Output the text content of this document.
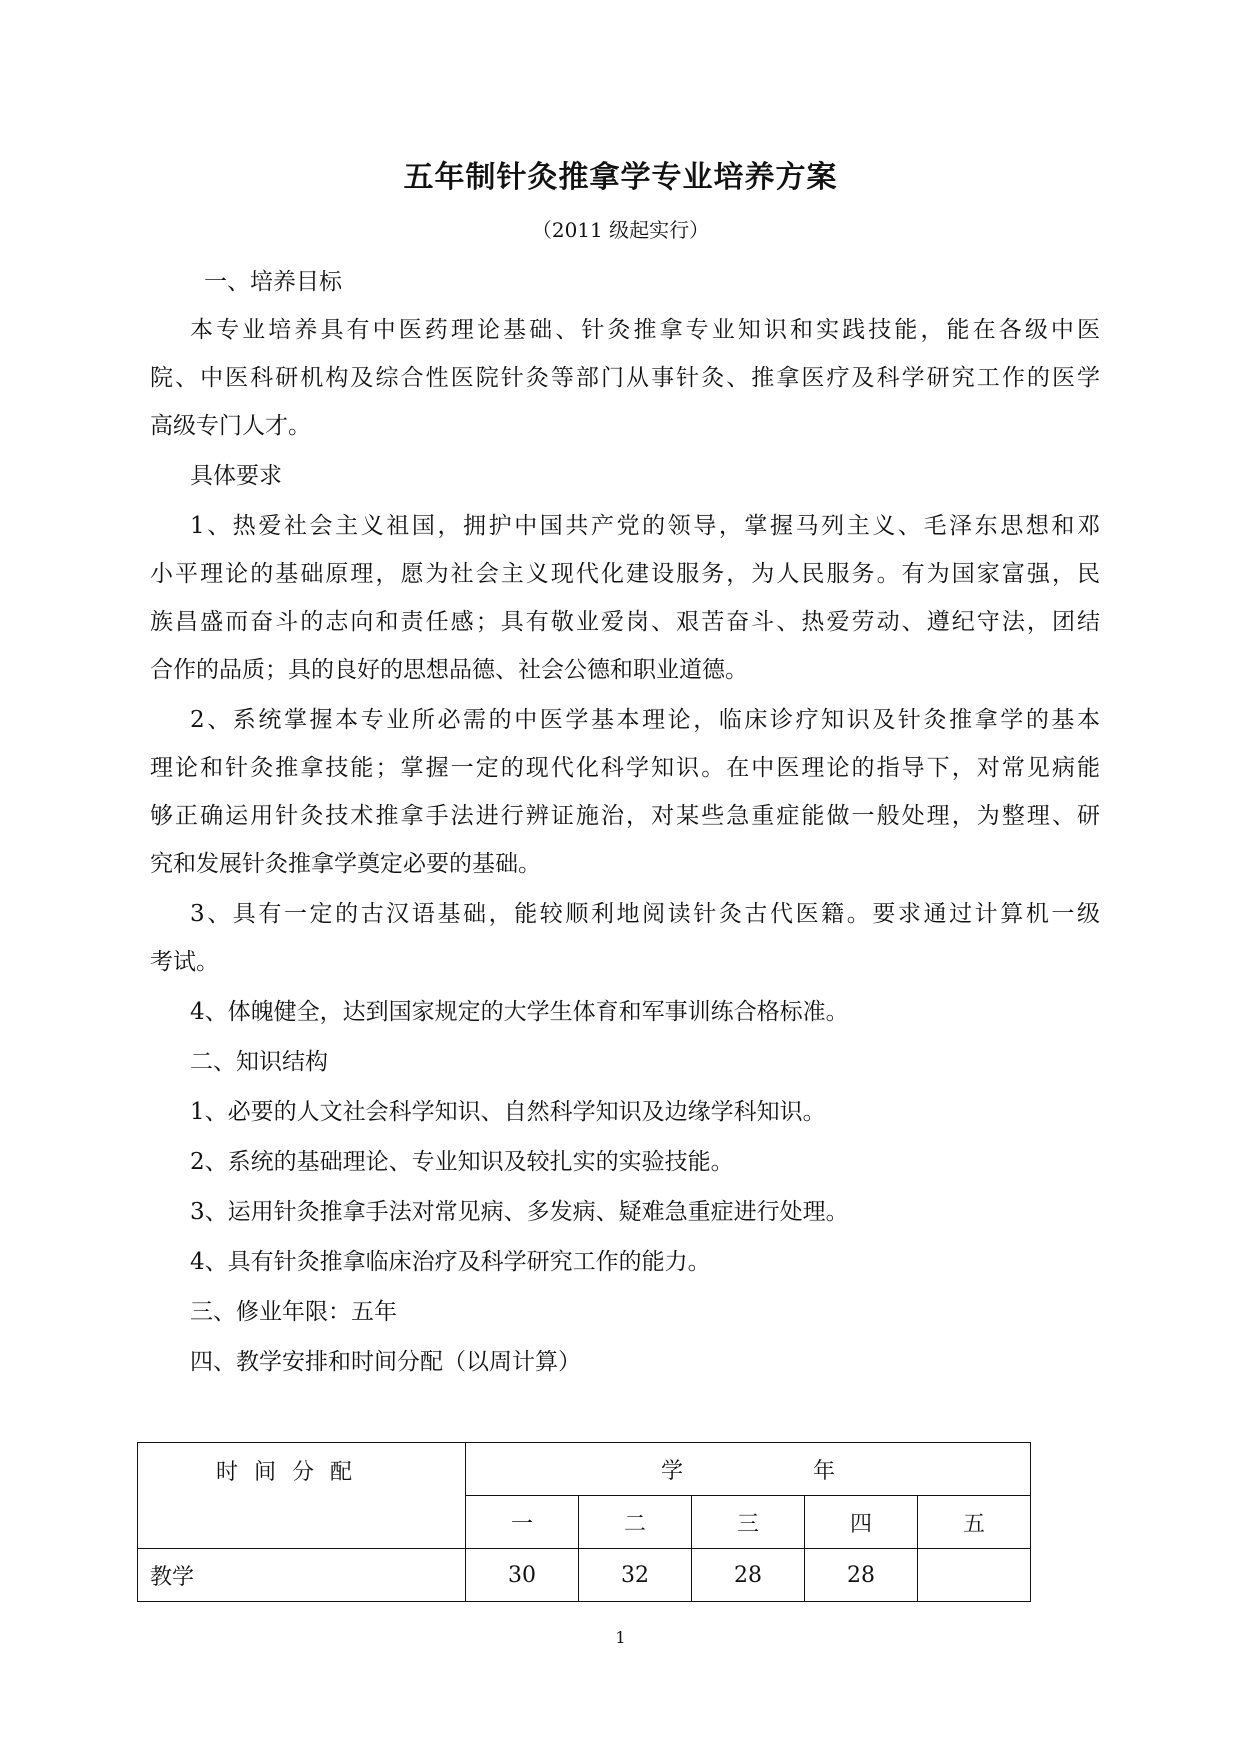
五年制针灸推拿学专业培养方案
（2011 级起实行）
一、培养目标
本专业培养具有中医药理论基础、针灸推拿专业知识和实践技能，能在各级中医
院、中医科研机构及综合性医院针灸等部门从事针灸、推拿医疗及科学研究工作的医学
高级专门人才。
具体要求
1、热爱社会主义祖国，拥护中国共产党的领导，掌握马列主义、毛泽东思想和邓
小平理论的基础原理，愿为社会主义现代化建设服务，为人民服务。有为国家富强，民
族昌盛而奋斗的志向和责任感；具有敬业爱岗、艰苦奋斗、热爱劳动、遵纪守法，团结
合作的品质；具的良好的思想品德、社会公德和职业道德。
2、系统掌握本专业所必需的中医学基本理论，临床诊疗知识及针灸推拿学的基本
理论和针灸推拿技能；掌握一定的现代化科学知识。在中医理论的指导下，对常见病能
够正确运用针灸技术推拿手法进行辨证施治，对某些急重症能做一般处理，为整理、研
究和发展针灸推拿学奠定必要的基础。
3、具有一定的古汉语基础，能较顺利地阅读针灸古代医籍。要求通过计算机一级
考试。
4、体魄健全，达到国家规定的大学生体育和军事训练合格标准。
二、知识结构
1、必要的人文社会科学知识、自然科学知识及边缘学科知识。
2、系统的基础理论、专业知识及较扎实的实验技能。
3、运用针灸推拿手法对常见病、多发病、疑难急重症进行处理。
4、具有针灸推拿临床治疗及科学研究工作的能力。
三、修业年限：五年
四、教学安排和时间分配（以周计算）
时间分配	学 年				
	一	二	三	四	五
教学	30	32	28	28	
1
